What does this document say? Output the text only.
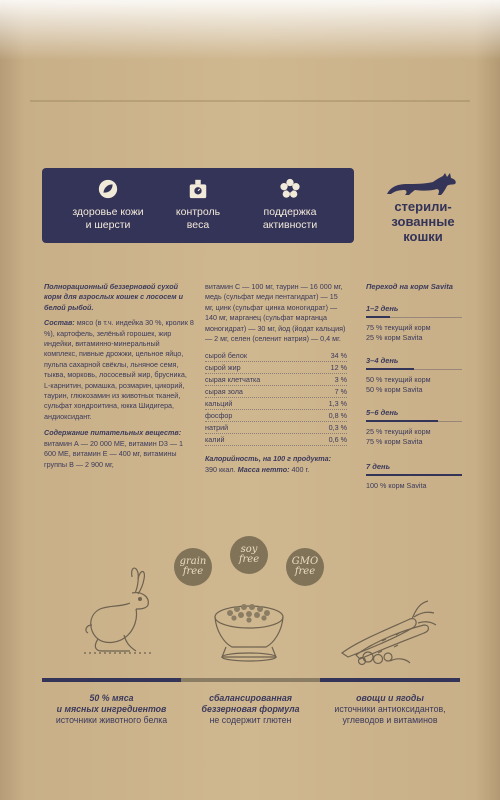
здоровье кожи
и шерсти
контроль
веса
поддержка
активности
стерили-
зованные
кошки
Полнорационный беззерновой сухой корм для взрослых кошек с лососем и белой рыбой.
Состав: мясо (в т.ч. индейка 30 %, кролик 8 %), картофель, зелёный горошек, жир индейки, витаминно-минеральный комплекс, пивные дрожжи, цельное яйцо, пульпа сахарной свёклы, льняное семя, тыква, морковь, лососевый жир, брусника, L-карнитин, ромашка, розмарин, цикорий, таурин, глюкозамин из животных тканей, сульфат хондроитина, юкка Шидигера, андиоксидант.
Содержание питательных веществ:
витамин А — 20 000 МЕ, витамин D3 — 1 600 МЕ, витамин Е — 400 мг, витамины группы В — 2 900 мг,
витамин С — 100 мг, таурин — 16 000 мг, медь (сульфат меди пентагидрат) — 15 мг, цинк (сульфат цинка моногидрат) — 140 мг, марганец (сульфат марганца моногидрат) — 30 мг, йод (йодат кальция) — 2 мг, селен (селенит натрия) — 0,4 мг.
сырой белок	34 %
сырой жир	12 %
сырая клетчатка	3 %
сырая зола	7 %
кальций	1,3 %
фосфор	0,8 %
натрий	0,3 %
калий	0,6 %
Калорийность, на 100 г продукта:
390 ккал. Масса нетто: 400 г.
Переход на корм Savita
1–2 день
75 % текущий корм
25 % корм Savita
3–4 день
50 % текущий корм
50 % корм Savita
5–6 день
25 % текущий корм
75 % корм Savita
7 день
100 % корм Savita
grain
free
soy
free	GMO
free
50 % мяса
и мясных ингредиентов
источники животного белка
сбалансированная
беззерновая формула
не содержит глютен
овощи и ягоды
источники антиоксидантов,
углеводов и витаминов
